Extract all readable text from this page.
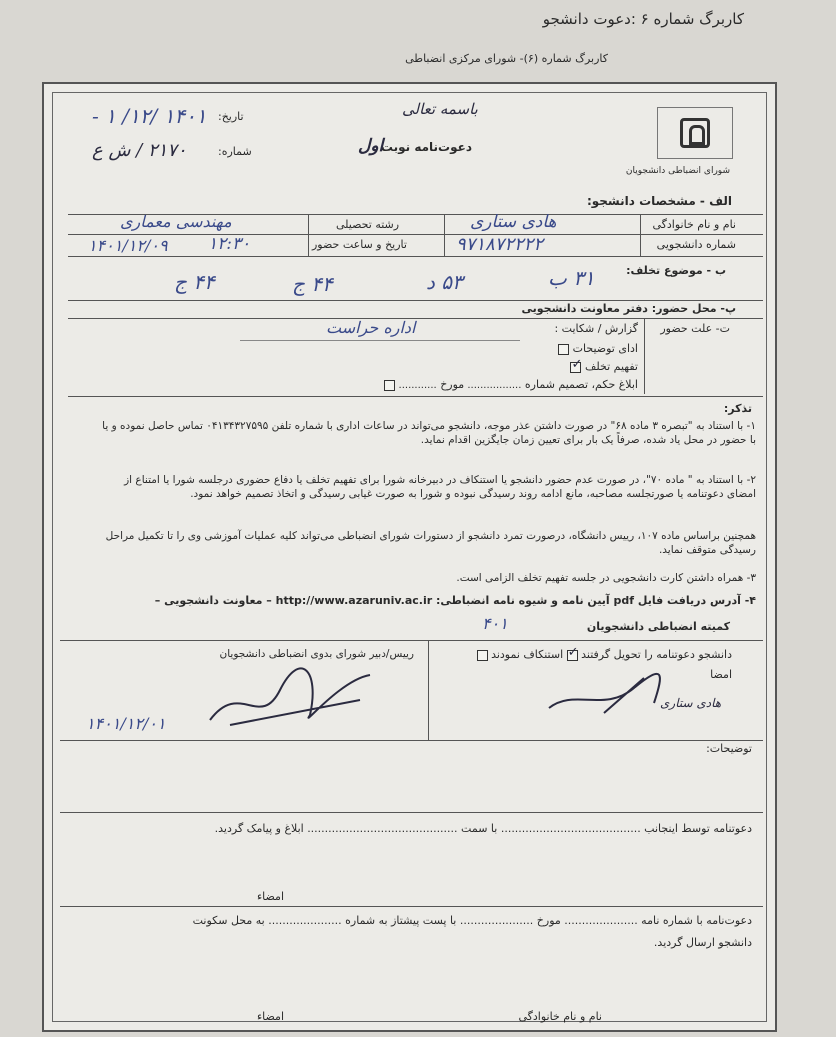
کاربرگ شماره ۶ :دعوت دانشجو
کاربرگ شماره (۶)- شورای مرکزی انضباطی
شورای انضباطی دانشجویان
باسمه تعالی
دعوت‌نامه نوبت
اول
تاریخ:
۱۴۰۱ /۱۲/ ۱ -
شماره:
۲۱۷۰ / ش ع
الف - مشخصات دانشجو:
نام و نام خانوادگی
هادی ستاری
رشته تحصیلی
مهندسی معماری
شماره دانشجویی
۹۷۱۸۷۲۲۲۲
تاریخ و ساعت حضور
۱۲:۳۰
۱۴۰۱/۱۲/۰۹
ب - موضوع تخلف:
۳۱ ب
۵۳ د
۴۴ ج
۴۴ ج
پ- محل حضور: دفتر معاونت دانشجویی
ت- علت حضور
گزارش / شکایت :
اداره حراست
ادای توضیحات
تفهیم تخلف
✓
ابلاغ حکم، تصمیم شماره ................. مورخ ............
تذکر:
۱- با استناد به "تبصره ۳ ماده ۶۸" در صورت داشتن عذر موجه، دانشجو می‌تواند در ساعات اداری با شماره تلفن ۰۴۱۳۴۳۲۷۵۹۵ تماس حاصل نموده و یا با حضور در محل یاد شده، صرفاً یک بار برای تعیین زمان جایگزین اقدام نماید.
۲- با استناد به " ماده ۷۰"، در صورت عدم حضور دانشجو یا استنکاف در دبیرخانه شورا برای تفهیم تخلف یا دفاع حضوری درجلسه شورا یا امتناع از امضای دعوتنامه یا صورتجلسه مصاحبه، مانع ادامه روند رسیدگی نبوده و شورا به صورت غیابی رسیدگی و اتخاذ تصمیم خواهد نمود.
همچنین براساس ماده ۱۰۷، رییس دانشگاه، درصورت تمرد دانشجو از دستورات شورای انضباطی می‌تواند کلیه عملیات آموزشی وی را تا تکمیل مراحل رسیدگی متوقف نماید.
۳- همراه داشتن کارت دانشجویی در جلسه تفهیم تخلف الزامی است.
۴- آدرس دریافت فایل pdf آیین نامه و شیوه نامه انضباطی: http://www.azaruniv.ac.ir – معاونت دانشجویی –
کمیته انضباطی دانشجویان
۴۰۱
رییس/دبیر شورای بدوی انضباطی دانشجویان
۱۴۰۱/۱۲/۰۱
دانشجو دعوتنامه را تحویل گرفتند
✓
استنکاف نمودند
امضا
هادی ستاری
توضیحات:
دعوتنامه توسط اینجانب ........................................ با سمت ........................................... ابلاغ و پیامک گردید.
امضاء
دعوت‌نامه با شماره نامه ..................... مورخ ..................... با پست پیشتاز به شماره ..................... به محل سکونت
دانشجو ارسال گردید.
نام و نام خانوادگی
امضاء
